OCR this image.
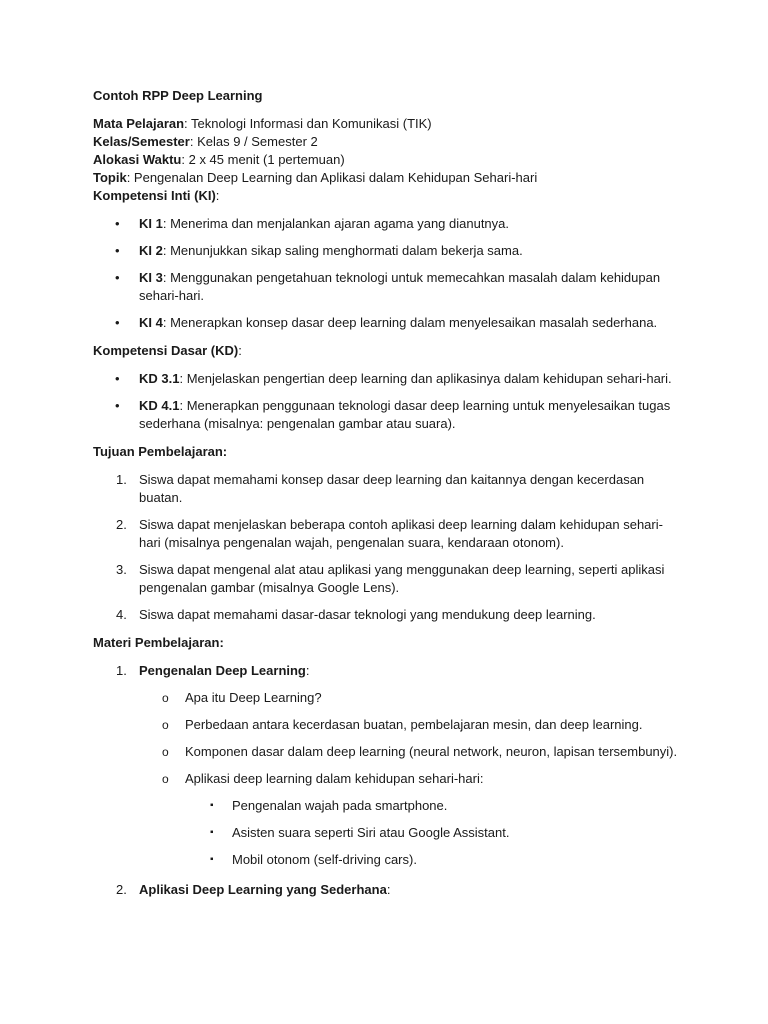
Contoh RPP Deep Learning

Mata Pelajaran: Teknologi Informasi dan Komunikasi (TIK)

Kelas/Semester: Kelas 9 / Semester 2

Alokasi Waktu: 2 x 45 menit (1 pertemuan)

Topik: Pengenalan Deep Learning dan Aplikasi dalam Kehidupan Sehari-hari

Kompetensi Inti (KI):

• KI 1: Menerima dan menjalankan ajaran agama yang dianutnya.
• KI 2: Menunjukkan sikap saling menghormati dalam bekerja sama.
• KI 3: Menggunakan pengetahuan teknologi untuk memecahkan masalah dalam kehidupan sehari-hari.
• KI 4: Menerapkan konsep dasar deep learning dalam menyelesaikan masalah sederhana.

Kompetensi Dasar (KD):

• KD 3.1: Menjelaskan pengertian deep learning dan aplikasinya dalam kehidupan sehari-hari.
• KD 4.1: Menerapkan penggunaan teknologi dasar deep learning untuk menyelesaikan tugas sederhana (misalnya: pengenalan gambar atau suara).

Tujuan Pembelajaran:

1. Siswa dapat memahami konsep dasar deep learning dan kaitannya dengan kecerdasan buatan.
2. Siswa dapat menjelaskan beberapa contoh aplikasi deep learning dalam kehidupan sehari-hari (misalnya pengenalan wajah, pengenalan suara, kendaraan otonom).
3. Siswa dapat mengenal alat atau aplikasi yang menggunakan deep learning, seperti aplikasi pengenalan gambar (misalnya Google Lens).
4. Siswa dapat memahami dasar-dasar teknologi yang mendukung deep learning.

Materi Pembelajaran:

1. Pengenalan Deep Learning:
o Apa itu Deep Learning?
o Perbedaan antara kecerdasan buatan, pembelajaran mesin, dan deep learning.
o Komponen dasar dalam deep learning (neural network, neuron, lapisan tersembunyi).
o Aplikasi deep learning dalam kehidupan sehari-hari:
▪ Pengenalan wajah pada smartphone.
▪ Asisten suara seperti Siri atau Google Assistant.
▪ Mobil otonom (self-driving cars).
2. Aplikasi Deep Learning yang Sederhana:
